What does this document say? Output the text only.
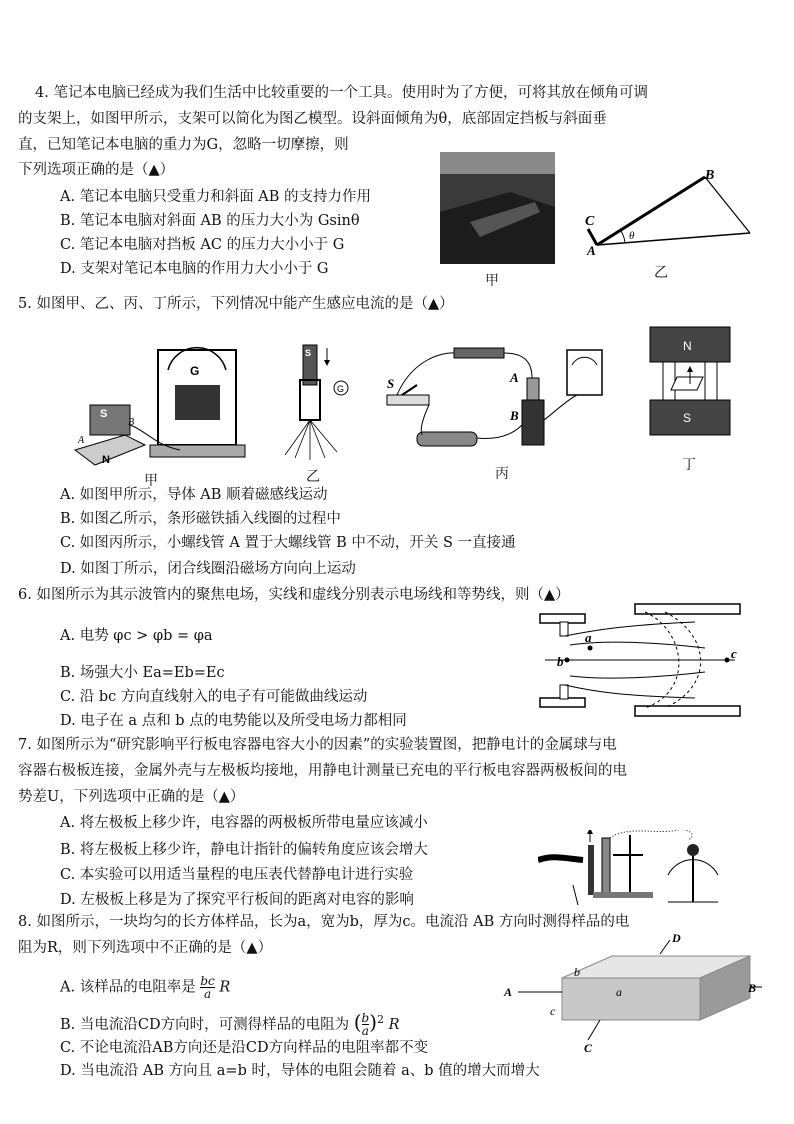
4. 笔记本电脑已经成为我们生活中比较重要的一个工具。使用时为了方便，可将其放在倾角可调
的支架上，如图甲所示，支架可以简化为图乙模型。设斜面倾角为θ，底部固定挡板与斜面垂
直，已知笔记本电脑的重力为G，忽略一切摩擦，则
下列选项正确的是（▲）
A. 笔记本电脑只受重力和斜面 AB 的支持力作用
B. 笔记本电脑对斜面 AB 的压力大小为 Gsinθ
C. 笔记本电脑对挡板 AC 的压力大小小于 G
D. 支架对笔记本电脑的作用力大小小于 G
甲
C
A
B
θ
乙
5. 如图甲、乙、丙、丁所示，下列情况中能产生感应电流的是（▲）
G
S
N
A
B
甲
S
G
乙
S	A
B
丙
N
S
丁
A. 如图甲所示，导体 AB 顺着磁感线运动
B. 如图乙所示，条形磁铁插入线圈的过程中
C. 如图丙所示，小螺线管 A 置于大螺线管 B 中不动，开关 S 一直接通
D. 如图丁所示，闭合线圈沿磁场方向向上运动
6. 如图所示为其示波管内的聚焦电场，实线和虚线分别表示电场线和等势线，则（▲）
A. 电势 φc > φb = φa
B. 场强大小 Ea=Eb=Ec
C. 沿 bc 方向直线射入的电子有可能做曲线运动
D. 电子在 a 点和 b 点的电势能以及所受电场力都相同
b
c
a
7. 如图所示为“研究影响平行板电容器电容大小的因素”的实验装置图，把静电计的金属球与电
容器右极板连接，金属外壳与左极板均接地，用静电计测量已充电的平行板电容器两极板间的电
势差U，下列选项中正确的是（▲）
A. 将左极板上移少许，电容器的两极板所带电量应该减小
B. 将左极板上移少许，静电计指针的偏转角度应该会增大
C. 本实验可以用适当量程的电压表代替静电计进行实验
D. 左极板上移是为了探究平行板间的距离对电容的影响
8. 如图所示，一块均匀的长方体样品，长为a，宽为b，厚为c。电流沿 AB 方向时测得样品的电
阻为R，则下列选项中不正确的是（▲）
A. 该样品的电阻率是 $\frac{bc}{a}$ R
B. 当电流沿CD方向时，可测得样品的电阻为 ( $\frac{b}{a} )^2$ R
C. 不论电流沿AB方向还是沿CD方向样品的电阻率都不变
D. 当电流沿 AB 方向且 a=b 时，导体的电阻会随着 a、b 值的增大而增大
A	B
D
C
a
b
c
